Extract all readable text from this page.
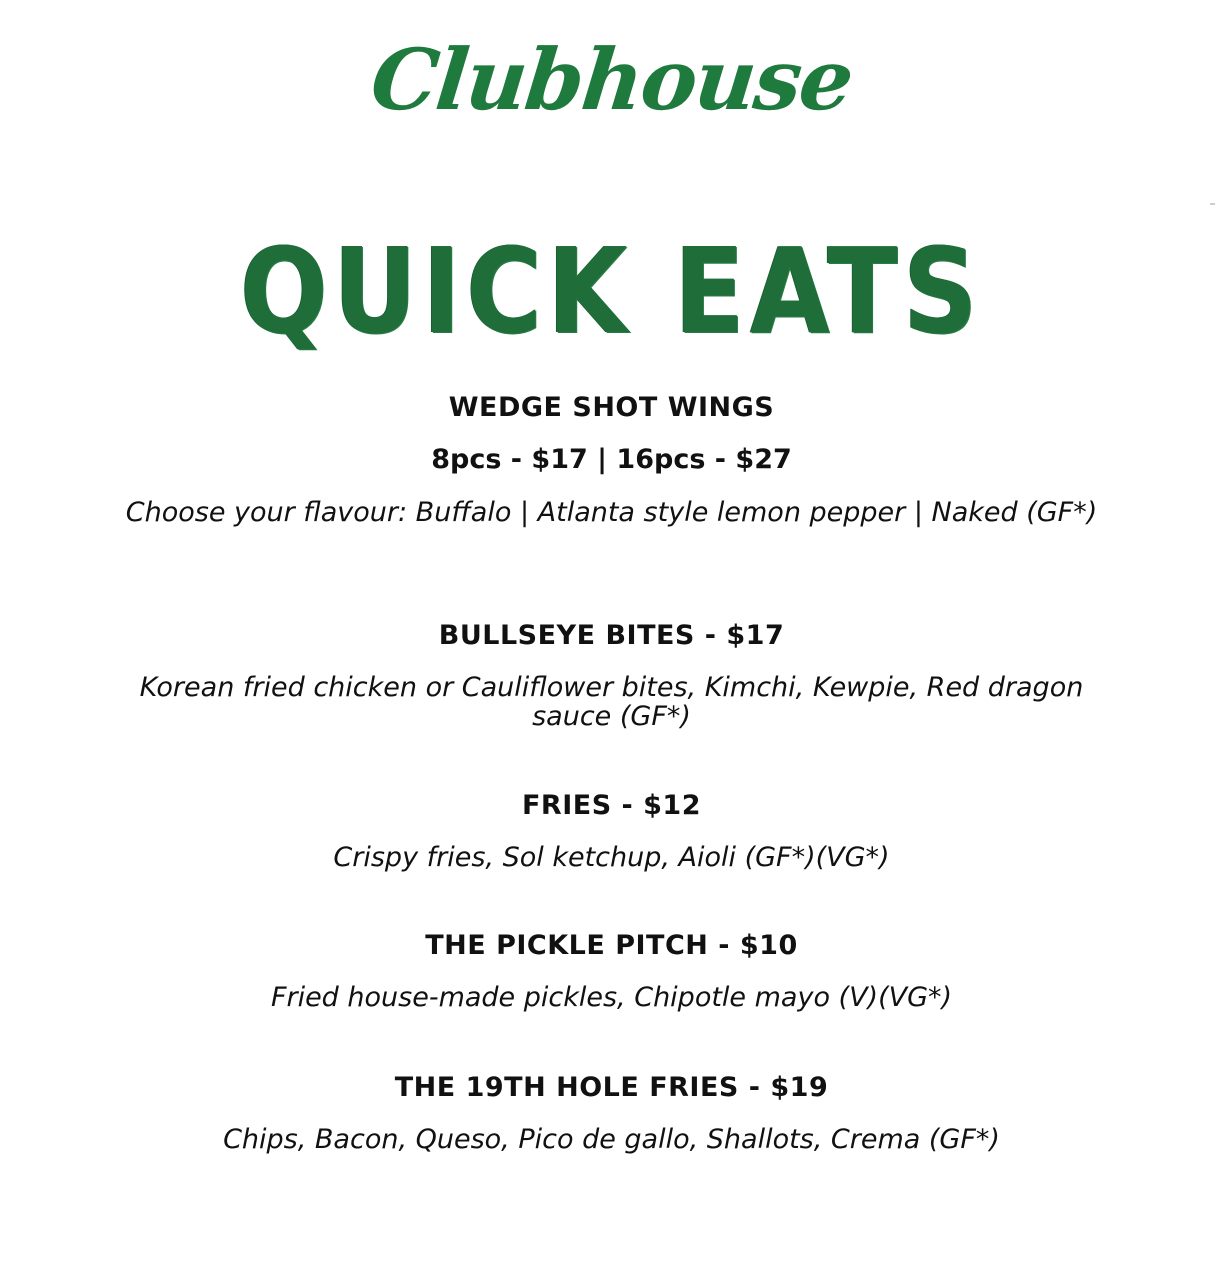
Clubhouse
QUICK EATS
WEDGE SHOT WINGS
8pcs - $17 | 16pcs - $27
Choose your flavour: Buffalo | Atlanta style lemon pepper | Naked (GF*)
BULLSEYE BITES - $17
Korean fried chicken or Cauliflower bites, Kimchi, Kewpie, Red dragon sauce (GF*)
FRIES - $12
Crispy fries, Sol ketchup, Aioli (GF*)(VG*)
THE PICKLE PITCH - $10
Fried house-made pickles, Chipotle mayo (V)(VG*)
THE 19TH HOLE FRIES - $19
Chips, Bacon, Queso, Pico de gallo, Shallots, Crema (GF*)
